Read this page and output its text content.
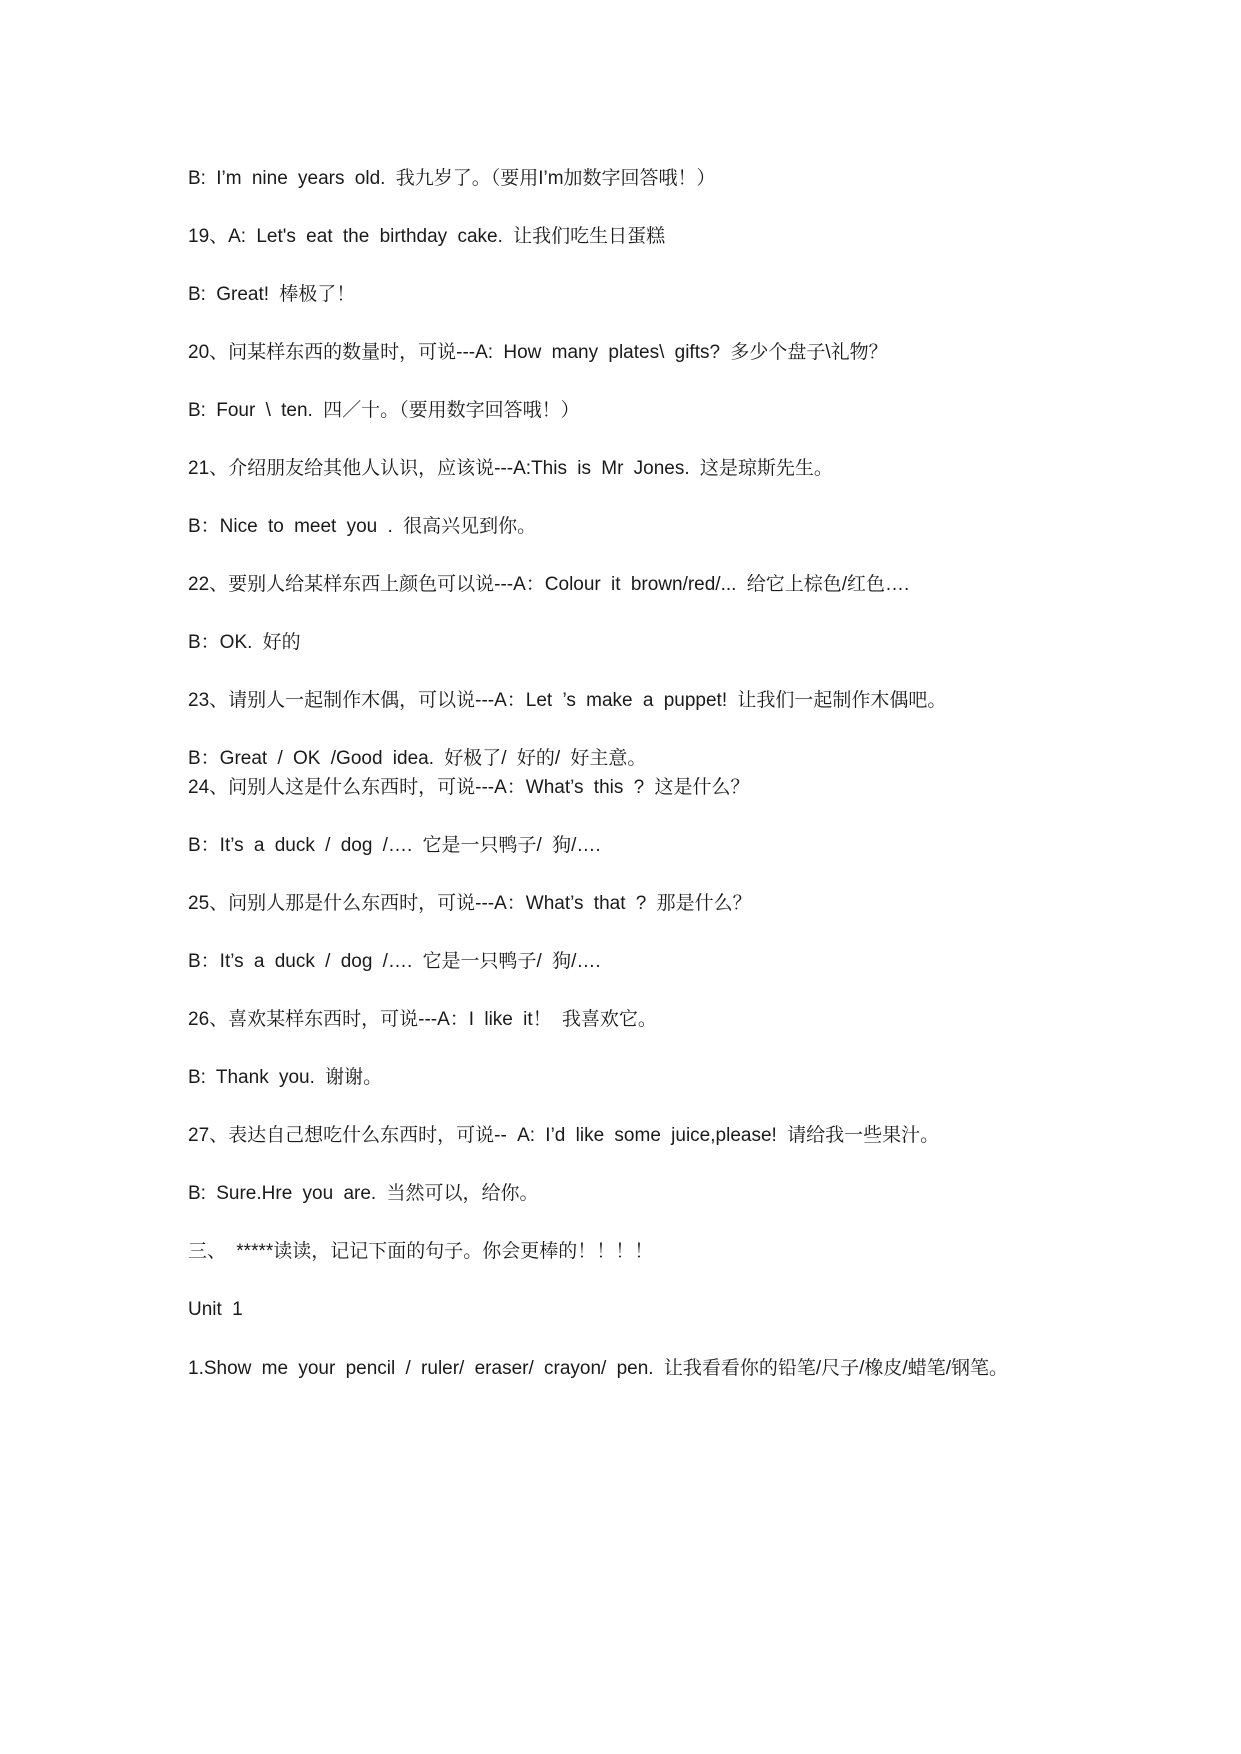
B: I’m nine years old. 我九岁了。（要用I’m加数字回答哦！）
19、A: Let's eat the birthday cake. 让我们吃生日蛋糕
B: Great! 棒极了！
20、问某样东西的数量时，可说---A: How many plates\ gifts? 多少个盘子\礼物？
B: Four \ ten. 四／十。（要用数字回答哦！）
21、介绍朋友给其他人认识，应该说---A:This is Mr Jones. 这是琼斯先生。
B：Nice to meet you . 很高兴见到你。
22、要别人给某样东西上颜色可以说---A：Colour it brown/red/... 给它上棕色/红色….
B：OK. 好的
23、请别人一起制作木偶，可以说---A：Let ’s make a puppet! 让我们一起制作木偶吧。
B：Great / OK /Good idea. 好极了/ 好的/ 好主意。
24、问别人这是什么东西时，可说---A：What’s this ? 这是什么？
B：It’s a duck / dog /…. 它是一只鸭子/ 狗/….
25、问别人那是什么东西时，可说---A：What’s that ? 那是什么？
B：It’s a duck / dog /…. 它是一只鸭子/ 狗/….
26、喜欢某样东西时，可说---A：I like it！ 我喜欢它。
B: Thank you. 谢谢。
27、表达自己想吃什么东西时，可说-- A: I’d like some juice,please! 请给我一些果汁。
B: Sure.Hre you are. 当然可以，给你。
三、 *****读读，记记下面的句子。你会更棒的！！！！
Unit 1
1.Show me your pencil / ruler/ eraser/ crayon/ pen. 让我看看你的铅笔/尺子/橡皮/蜡笔/钢笔。
